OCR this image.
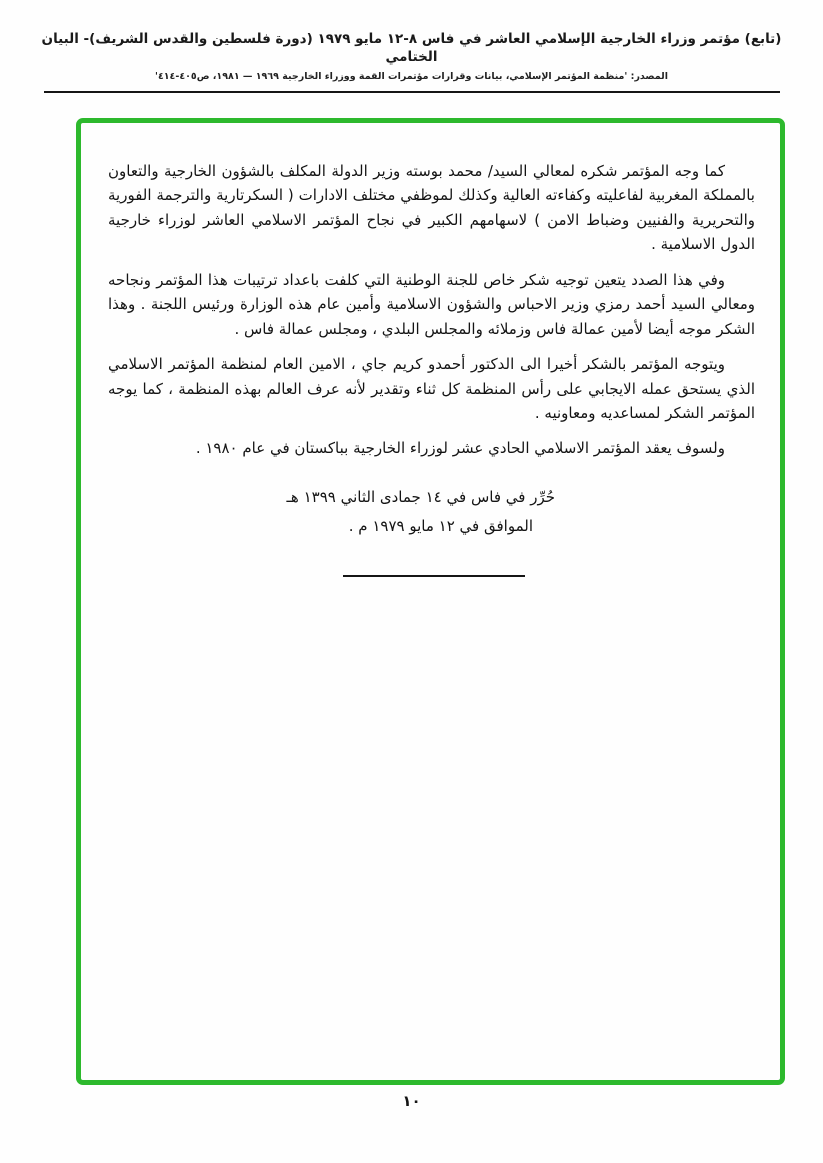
(تابع) مؤتمر وزراء الخارجية الإسلامي العاشر في فاس ٨-١٢ مايو ١٩٧٩ (دورة فلسطين والقدس الشريف)- البيان الختامي
المصدر: 'منظمة المؤتمر الإسلامي، بيانات وقرارات مؤتمرات القمة ووزراء الخارجية ١٩٦٩ — ١٩٨١، ص٤٠٥-٤١٤'

كما وجه المؤتمر شكره لمعالي السيد/ محمد بوسته وزير الدولة المكلف بالشؤون الخارجية والتعاون بالمملكة المغربية لفاعليته وكفاءته العالية وكذلك لموظفي مختلف الادارات ( السكرتارية والترجمة الفورية والتحريرية والفنيين وضباط الامن ) لاسهامهم الكبير في نجاح المؤتمر الاسلامي العاشر لوزراء خارجية الدول الاسلامية .

وفي هذا الصدد يتعين توجيه شكر خاص للجنة الوطنية التي كلفت باعداد ترتيبات هذا المؤتمر ونجاحه ومعالي السيد أحمد رمزي وزير الاحباس والشؤون الاسلامية وأمين عام هذه الوزارة ورئيس اللجنة . وهذا الشكر موجه أيضا لأمين عمالة فاس وزملائه والمجلس البلدي ، ومجلس عمالة فاس .

ويتوجه المؤتمر بالشكر أخيرا الى الدكتور أحمدو كريم جاي ، الامين العام لمنظمة المؤتمر الاسلامي الذي يستحق عمله الايجابي على رأس المنظمة كل ثناء وتقدير لأنه عرف العالم بهذه المنظمة ، كما يوجه المؤتمر الشكر لمساعديه ومعاونيه .

ولسوف يعقد المؤتمر الاسلامي الحادي عشر لوزراء الخارجية بباكستان في عام ١٩٨٠ .

حُرِّر في فاس في ١٤ جمادى الثاني ١٣٩٩ هـ
الموافق في ١٢ مايو ١٩٧٩ م .
١٠
